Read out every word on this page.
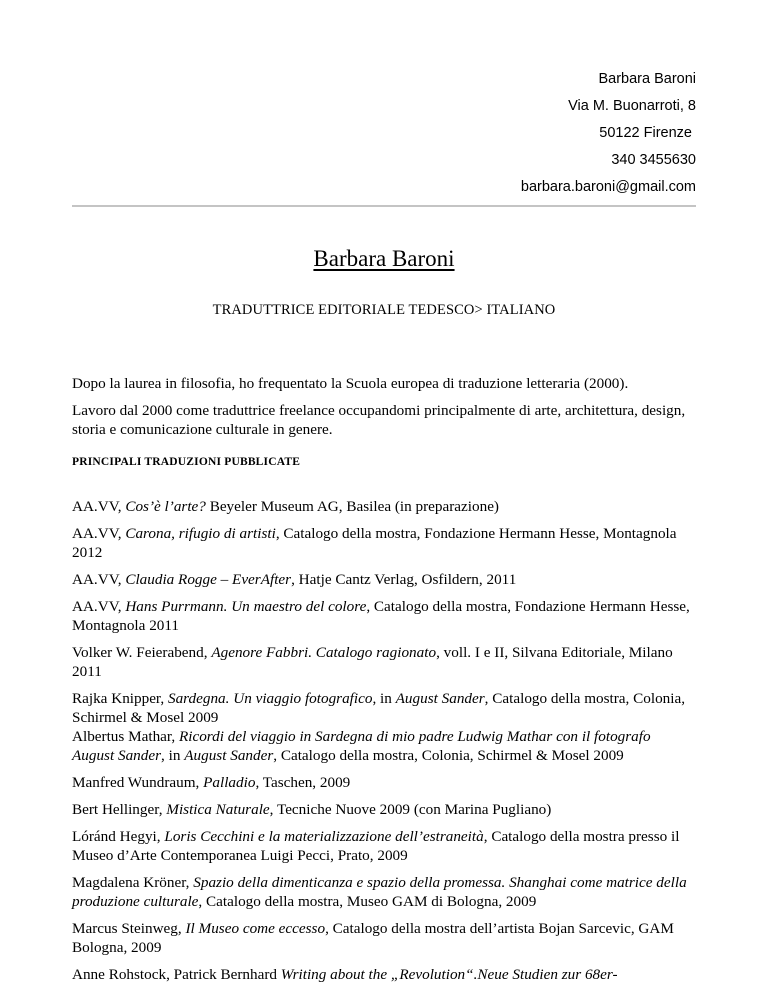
Barbara Baroni
Via M. Buonarroti, 8
50122 Firenze
340 3455630
barbara.baroni@gmail.com
Barbara Baroni
TRADUTTRICE EDITORIALE TEDESCO> ITALIANO

Dopo la laurea in filosofia, ho frequentato la Scuola europea di traduzione letteraria (2000).

Lavoro dal 2000 come traduttrice freelance occupandomi principalmente di arte, architettura, design, storia e comunicazione culturale in genere.

PRINCIPALI TRADUZIONI PUBBLICATE
AA.VV, Cos’è l’arte? Beyeler Museum AG, Basilea (in preparazione)
AA.VV, Carona, rifugio di artisti, Catalogo della mostra, Fondazione Hermann Hesse, Montagnola 2012
AA.VV, Claudia Rogge – EverAfter, Hatje Cantz Verlag, Osfildern, 2011
AA.VV, Hans Purrmann. Un maestro del colore, Catalogo della mostra, Fondazione Hermann Hesse, Montagnola 2011
Volker W. Feierabend, Agenore Fabbri. Catalogo ragionato, voll. I e II, Silvana Editoriale, Milano 2011
Rajka Knipper, Sardegna. Un viaggio fotografico, in August Sander, Catalogo della mostra, Colonia, Schirmel & Mosel 2009
Albertus Mathar, Ricordi del viaggio in Sardegna di mio padre Ludwig Mathar con il fotografo August Sander, in August Sander, Catalogo della mostra, Colonia, Schirmel & Mosel 2009
Manfred Wundraum, Palladio, Taschen, 2009
Bert Hellinger, Mistica Naturale, Tecniche Nuove 2009 (con Marina Pugliano)
Lóránd Hegyi, Loris Cecchini e la materializzazione dell’estraneità, Catalogo della mostra presso il Museo d’Arte Contemporanea Luigi Pecci, Prato, 2009
Magdalena Kröner, Spazio della dimenticanza e spazio della promessa. Shanghai come matrice della produzione culturale, Catalogo della mostra, Museo GAM di Bologna, 2009
Marcus Steinweg, Il Museo come eccesso, Catalogo della mostra dell’artista Bojan Sarcevic, GAM Bologna, 2009
Anne Rohstock, Patrick Bernhard Writing about the „Revolution“.Neue Studien zur 68er-
